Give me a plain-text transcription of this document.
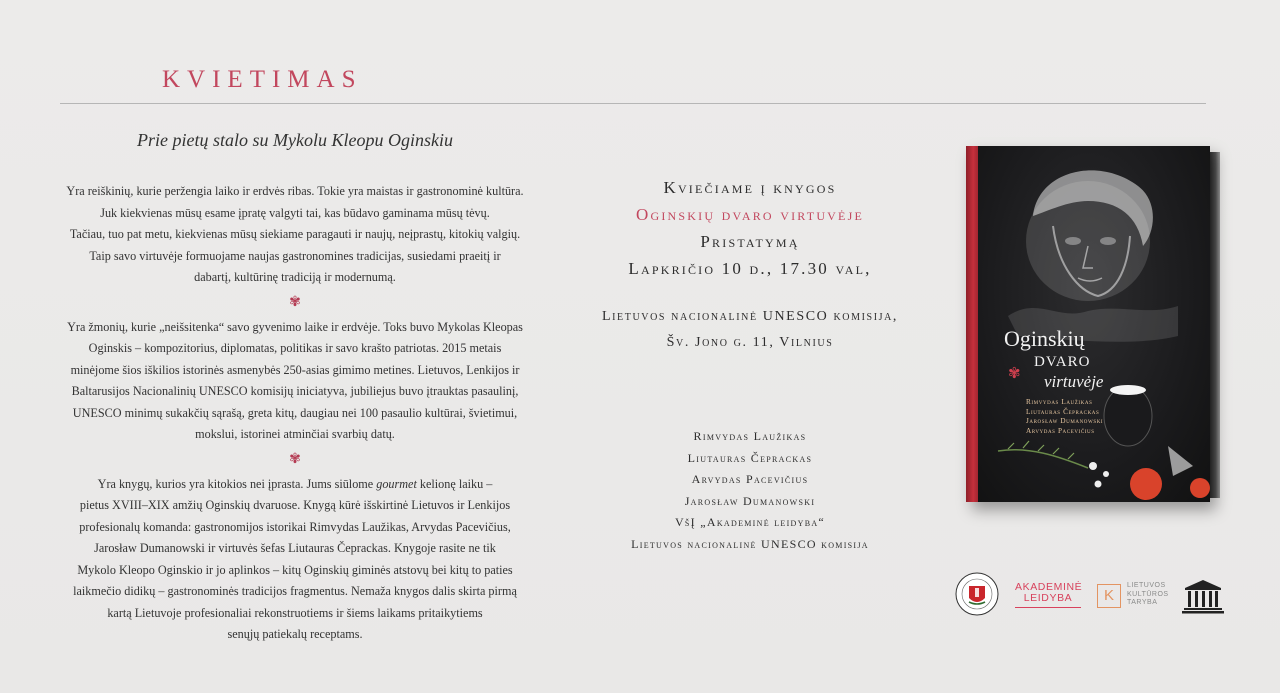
KVIETIMAS
Prie pietų stalo su Mykolu Kleopu Oginskiu

Yra reiškinių, kurie peržengia laiko ir erdvės ribas. Tokie yra maistas ir gastronominė kultūra.

Juk kiekvienas mūsų esame įpratę valgyti tai, kas būdavo gaminama mūsų tėvų.

Tačiau, tuo pat metu, kiekvienas mūsų siekiame paragauti ir naujų, neįprastų, kitokių valgių.

Taip savo virtuvėje formuojame naujas gastronomines tradicijas, susiedami praeitį ir

dabartį, kultūrinę tradiciją ir modernumą.

✾

Yra žmonių, kurie „neišsitenka“ savo gyvenimo laike ir erdvėje. Toks buvo Mykolas Kleopas

Oginskis – kompozitorius, diplomatas, politikas ir savo krašto patriotas. 2015 metais

minėjome šios iškilios istorinės asmenybės 250-asias gimimo metines. Lietuvos, Lenkijos ir

Baltarusijos Nacionalinių UNESCO komisijų iniciatyva, jubiliejus buvo įtrauktas pasaulinį,

UNESCO minimų sukakčių sąrašą, greta kitų, daugiau nei 100 pasaulio kultūrai, švietimui,

mokslui, istorinei atminčiai svarbių datų.

✾

Yra knygų, kurios yra kitokios nei įprasta. Jums siūlome gourmet kelionę laiku –

pietus XVIII–XIX amžių Oginskių dvaruose. Knygą kūrė išskirtinė Lietuvos ir Lenkijos

profesionalų komanda: gastronomijos istorikai Rimvydas Laužikas, Arvydas Pacevičius,

Jarosław Dumanowski ir virtuvės šefas Liutauras Čeprackas. Knygoje rasite ne tik

Mykolo Kleopo Oginskio ir jo aplinkos – kitų Oginskių giminės atstovų bei kitų to paties

laikmečio didikų – gastronominės tradicijos fragmentus. Nemaža knygos dalis skirta pirmą

kartą Lietuvoje profesionaliai rekonstruotiems ir šiems laikams pritaikytiems

senųjų patiekalų receptams.

Kviečiame į knygos

Oginskių dvaro virtuvėje

Pristatymą

Lapkričio 10 d., 17.30 val,

Lietuvos nacionalinė UNESCO komisija,

Šv. Jono g. 11, Vilnius

Rimvydas Laužikas

Liutauras Čeprackas

Arvydas Pacevičius

Jarosław Dumanowski

VšĮ „Akademinė leidyba“

Lietuvos nacionalinė UNESCO komisija

Oginskių
DVARO
✾ virtuvėje

Rimvydas Laužikas

Liutauras Čeprackas

Jarosław Dumanowski

Arvydas Pacevičius

AKADEMINĖ

LEIDYBA	K

LIETUVOS

KULTŪROS

TARYBA
